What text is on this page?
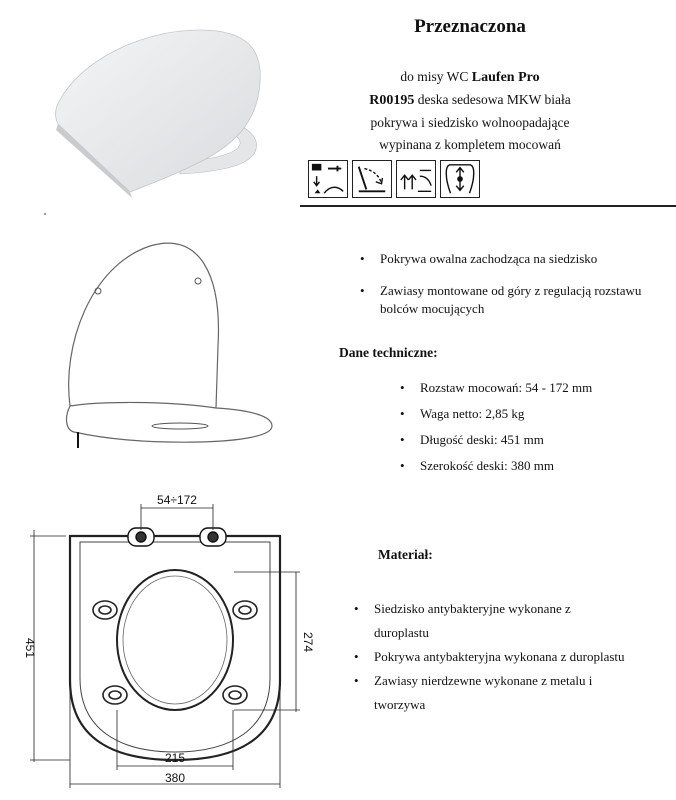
Przeznaczona
do misy WC Laufen Pro
R00195 deska sedesowa MKW biała
pokrywa i siedzisko wolnoopadające
wypinana z kompletem mocowań
• Pokrywa owalna zachodząca na siedzisko
• Zawiasy montowane od góry z regulacją rozstawu bolców mocujących
Dane techniczne:
• Rozstaw mocowań: 54 - 172 mm
• Waga netto: 2,85 kg
• Długość deski: 451 mm
• Szerokość deski: 380 mm
54÷172
451	274
215
380
Materiał:
• Siedzisko antybakteryjne wykonane z duroplastu
• Pokrywa antybakteryjna wykonana z duroplastu
• Zawiasy nierdzewne wykonane z metalu i tworzywa
